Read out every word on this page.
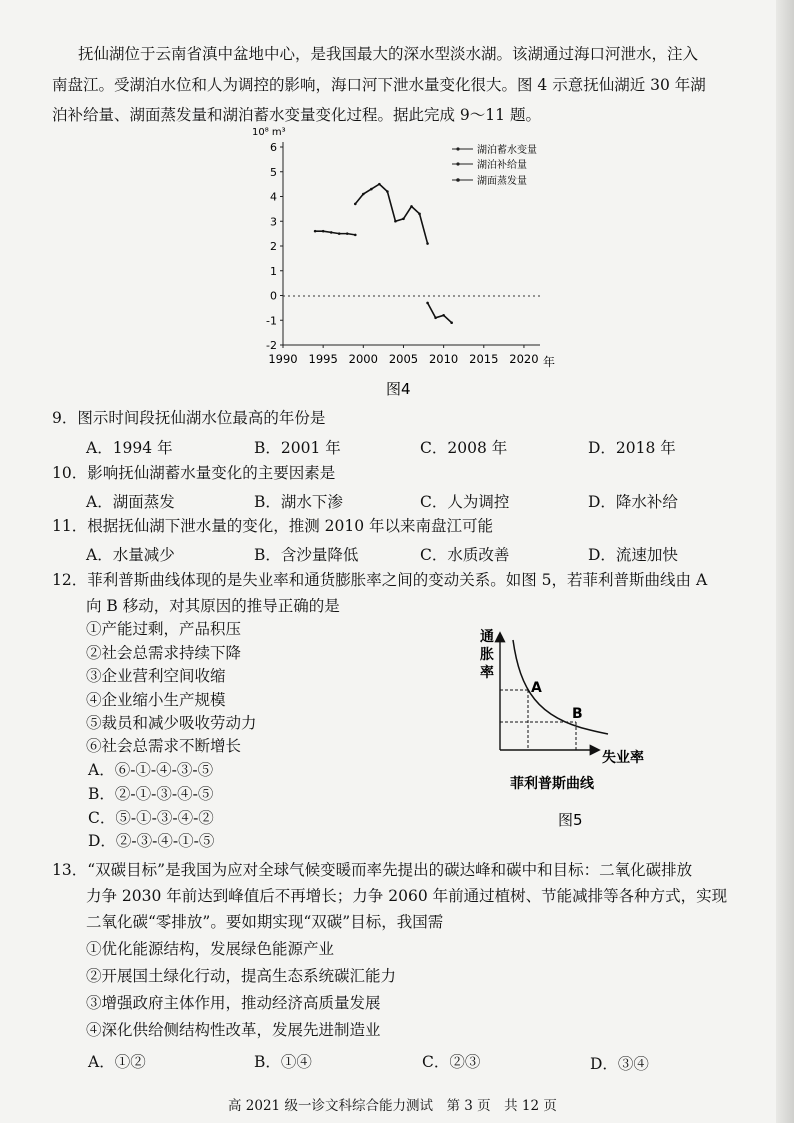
抚仙湖位于云南省滇中盆地中心，是我国最大的深水型淡水湖。该湖通过海口河泄水，注入
南盘江。受湖泊水位和人为调控的影响，海口河下泄水量变化很大。图 4 示意抚仙湖近 30 年湖
泊补给量、湖面蒸发量和湖泊蓄水变量变化过程。据此完成 9～11 题。
10⁸ m³
6
5
4
3
2
1
0
-1
-2
1990 1995 2000 2005 2010 2015 2020 年
湖泊蓄水变量
湖泊补给量
湖面蒸发量
图4
9．图示时间段抚仙湖水位最高的年份是
A．1994 年	B．2001 年	C．2008 年	D．2018 年
10．影响抚仙湖蓄水量变化的主要因素是
A．湖面蒸发	B．湖水下渗	C．人为调控	D．降水补给
11．根据抚仙湖下泄水量的变化，推测 2010 年以来南盘江可能
A．水量减少	B．含沙量降低	C．水质改善	D．流速加快
12．菲利普斯曲线体现的是失业率和通货膨胀率之间的变动关系。如图 5，若菲利普斯曲线由 A
向 B 移动，对其原因的推导正确的是
①产能过剩，产品积压
②社会总需求持续下降
③企业营利空间收缩
④企业缩小生产规模
⑤裁员和减少吸收劳动力
⑥社会总需求不断增长
A．⑥-①-④-③-⑤
B．②-①-③-④-⑤
C．⑤-①-③-④-②
D．②-③-④-①-⑤
通
胀
率
A
B
失业率
菲利普斯曲线
图5
13．“双碳目标”是我国为应对全球气候变暖而率先提出的碳达峰和碳中和目标：二氧化碳排放
力争 2030 年前达到峰值后不再增长；力争 2060 年前通过植树、节能减排等各种方式，实现
二氧化碳“零排放”。要如期实现“双碳”目标，我国需
①优化能源结构，发展绿色能源产业
②开展国土绿化行动，提高生态系统碳汇能力
③增强政府主体作用，推动经济高质量发展
④深化供给侧结构性改革，发展先进制造业
A．①②	B．①④	C．②③	D．③④
高 2021 级一诊文科综合能力测试　第 3 页　共 12 页
